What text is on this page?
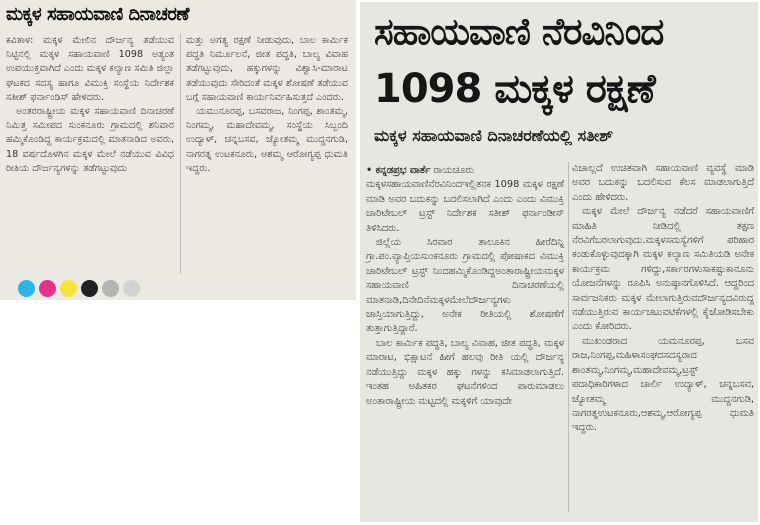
ಮಕ್ಕಳ ಸಹಾಯವಾಣಿ ದಿನಾಚರಣೆ

ಕವಿತಾಳ: ಮಕ್ಕಳ ಮೇಲಿನ ದೌರ್ಜನ್ಯ ತಡೆಯುವ ನಿಟ್ಟಿನಲ್ಲಿ ಮಕ್ಕಳ ಸಹಾಯವಾಣಿ 1098 ಅತ್ಯಂತ ಉಪಯುಕ್ತವಾಗಿದೆ ಎಂದು ಮಕ್ಕಳ ಕಲ್ಯಾಣ ಸಮಿತಿ ಜಿಲ್ಲಾ ಘಟಕದ ಸದಸ್ಯ ಹಾಗೂ ವಿಮುಕ್ತಿ ಸಂಸ್ಥೆಯ ನಿರ್ದೇಶಕ ಸತೀಶ್ ಫರ್ನಾಂಡಿಸ್ ಹೇಳಿದರು.

ಅಂತರರಾಷ್ಟ್ರೀಯ ಮಕ್ಕಳ ಸಹಾಯವಾಣಿ ದಿನಾಚರಣೆ ನಿಮಿತ್ತ ಸಮೀಪದ ಸುಂಕನೂರು ಗ್ರಾಮದಲ್ಲಿ ಶನಿವಾರ ಹಮ್ಮಿಕೊಂಡಿದ್ದ ಕಾರ್ಯಕ್ರಮದಲ್ಲಿ ಮಾತನಾಡಿದ ಅವರು, 18 ವರ್ಷದೊಳಗಿನ ಮಕ್ಕಳ ಮೇಲೆ ನಡೆಯುವ ವಿವಿಧ ರೀತಿಯ ದೌರ್ಜನ್ಯಗಳನ್ನು ತಡೆಗಟ್ಟುವುದು

ಮತ್ತು ಅಗತ್ಯ ರಕ್ಷಣೆ ನೀಡುವುದು, ಬಾಲ ಕಾರ್ಮಿಕ ಪದ್ಧತಿ ನಿರ್ಮೂಲನೆ, ಜೀತ ಪದ್ಧತಿ, ಬಾಲ್ಯ ವಿವಾಹ ತಡೆಗಟ್ಟುವುದು, ಹಕ್ಕುಗಳನ್ನು ವಿಶ್ವಾಸಿ-ಮಾರಾಟ ತಡೆಯುವುದು ಸೇರಿದಂತೆ ಮಕ್ಕಳ ಶೋಷಣೆ ತಡೆಯುವ ಬಗ್ಗೆ ಸಹಾಯವಾಣಿ ಕಾರ್ಯನಿರ್ವಹಿಸುತ್ತದೆ ಎಂದರು.

ಯಮುನೂರಪ್ಪ, ಬಸವರಾಜ, ನಿಂಗಪ್ಪ, ಶಾಂತಮ್ಮ, ನಿಂಗಮ್ಮ, ಮಹಾದೇವಮ್ಮ, ಸಂಸ್ಥೆಯ ಸಿಬ್ಬಂದಿ ಉದ್ಯಾಳ್, ಚನ್ನಬಸವ, ಜ್ಯೋತಮ್ಮ ಮುದ್ದನಗುಡಿ, ನಾಗರತ್ನ ಉಟಕನೂರು, ಆಶಮ್ಮ ಆರೋಗ್ಯಪ್ಪ ಧುಮತಿ ಇದ್ದರು.

ಸಹಾಯವಾಣಿ ನೆರವಿನಿಂದ
1098 ಮಕ್ಕಳ ರಕ್ಷಣೆ
ಮಕ್ಕಳ ಸಹಾಯವಾಣಿ ದಿನಾಚರಣೆಯಲ್ಲಿ ಸತೀಶ್

• ಕನ್ನಡಪ್ರಭ ವಾರ್ತೆ ರಾಯಚೂರು

ಮಕ್ಕಳಸಹಾಯವಾಣಿನೆರವಿನಿಂದಇಲ್ಲಿತನಕ 1098 ಮಕ್ಕಳ ರಕ್ಷಣೆ ಮಾಡಿ ಅವರ ಬದುಕನ್ನು ಬದಲಿಸಲಾಗಿದೆ ಎಂದು ಎಂದು ವಿಮುಕ್ತಿ ಚಾರಿಟೇಬಲ್ ಟ್ರಸ್ಟ್ ನಿರ್ದೇಶಕ ಸತೀಶ್ ಫರ್ನಾಂಡೀಸ್ ತಿಳಿಸಿದರು.

ಜಿಲ್ಲೆಯ ಸಿರವಾರ ತಾಲೂಕಿನ ಹೀರೆದಿನ್ನಿ ಗ್ರಾ.ಪಂ.ವ್ಯಾಪ್ತಿಯಸುಂಕನೂರು ಗ್ರಾಮದಲ್ಲಿ ಪೋಷಾಕದ ವಿಮುಕ್ತಿ ಚಾರಿಟೇಬಲ್ ಟ್ರಸ್ಟ್ ನಿಂದಹಮ್ಮಿಕೊಂಡಿದ್ದಅಂತಾರಾಷ್ಟ್ರೀಯಮಕ್ಕಳ ಸಹಾಯವಾಣಿ ದಿನಾಚರಣೆಯಲ್ಲಿ ಮಾತನಾಡಿ,ದಿನೇದಿನೆಮಕ್ಕಳಮೇಲೆದೌರ್ಜನ್ಯಗಳು ಜಾಸ್ತಿಯಾಗುತ್ತಿದ್ದು, ಅನೇಕ ರೀತಿಯಲ್ಲಿ ಶೋಷಣೆಗೆ ತುತ್ತಾಗುತ್ತಿದ್ದಾರೆ.

ಬಾಲ ಕಾರ್ಮಿಕ ಪದ್ಧತಿ, ಬಾಲ್ಯ ವಿವಾಹ, ಜೀತ ಪದ್ಧತಿ, ಮಕ್ಕಳ ಮಾರಾಟ, ಭಿಕ್ಷಾಟನೆ ಹೀಗೆ ಹಲವು ರೀತಿ ಯಲ್ಲಿ ದೌರ್ಜನ್ಯ ನಡೆಯುತ್ತಿದ್ದು ಮಕ್ಕಳ ಹಕ್ಕು ಗಳನ್ನು ಕಸಿಮಾಡಲಾಗುತ್ತಿದೆ. ಇಂತಹ ಅಹಿತಕರ ಘಟನೆಗಳಿಂದ ಪಾರುಮಾಡಲು ಅಂತಾರಾಷ್ಟ್ರೀಯ ಮಟ್ಟದಲ್ಲಿ ಮಕ್ಕಳಿಗೆ ಯಾವುದೇ

ವಿಚಾಲ್ಲದೆ ಉಚಿತವಾಗಿ ಸಹಾಯವಾಣಿ ವ್ಯವಸ್ಥೆ ಮಾಡಿ ಅವರ ಬದುಕನ್ನು ಬದಲಿಸುವ ಕೆಲಸ ಮಾಡಲಾಗುತ್ತಿದೆ ಎಂದು ಹೇಳಿದರು.

ಮಕ್ಕಳ ಮೇಲೆ ದೌರ್ಜನ್ಯ ನಡೆದರೆ ಸಹಾಯವಾಣಿಗೆ ಮಾಹಿತಿ ನೀಡಿದಲ್ಲಿ ತಕ್ಷಣ ನೆರವಿಗೆಬರಲಾಗುವುದು.ಮಕ್ಕಳಸಮಸ್ಯೆಗಳಿಗೆ ಪರಿಹಾರ ಕಂಡುಕೊಳ್ಳುವುದಕ್ಕಾಗಿ ಮಕ್ಕಳ ಕಲ್ಯಾಣ ಸಮಿತಿಯಡಿ ಅನೇಕ ಕಾರ್ಯಕ್ರಮ ಗಳಿದ್ದು,ಸರ್ಕಾರಗಳುಸಾಕಷ್ಟುಕಾನೂನು ಯೋಜನೆಗಳನ್ನು ರೂಪಿಸಿ ಅನುಷ್ಠಾನಗೊಳಿಸಿದೆ. ಆದ್ದರಿಂದ ಸಾರ್ವಜನಿಕರು ಮಕ್ಕಳ ಮೇಲಾಗುತ್ತಿರುವದೌರ್ಜನ್ಯದವಿರುದ್ದ ನಡೆಯುತ್ತಿರುವ ಕಾರ್ಯಚಟುವಟಿಕೆಗಳಲ್ಲಿ ಕೈಜೋಡಿಸಬೇಕು ಎಂದು ಕೋರಿದರು.

ಮುಖಂಡರಾದ ಯಮನೂರಪ್ಪ, ಬಸವ ರಾಜ,ನಿಂಗಪ್ಪ,ಮಹಿಳಾಸಂಘದಸದಸ್ಯರಾದ ಶಾಂತಮ್ಮ,ನಿಂಗಮ್ಮ,ಮಹಾದೇವಮ್ಮ,ಟ್ರಸ್ಟ್ ಪದಾಧಿಕಾರಿಗಳಾದ ಚಾರ್ಲಿ ಉದ್ಯಾಳ್, ಚನ್ನಬಸವ, ಜ್ಯೋತಮ್ಮ ಮುದ್ದನಗುಡಿ, ನಾಗರತ್ನಉಟಕನೂರು,ಆಶಮ್ಮ,ಆರೋಗ್ಯಪ್ಪ ಧುಮತಿ ಇದ್ದರು.
